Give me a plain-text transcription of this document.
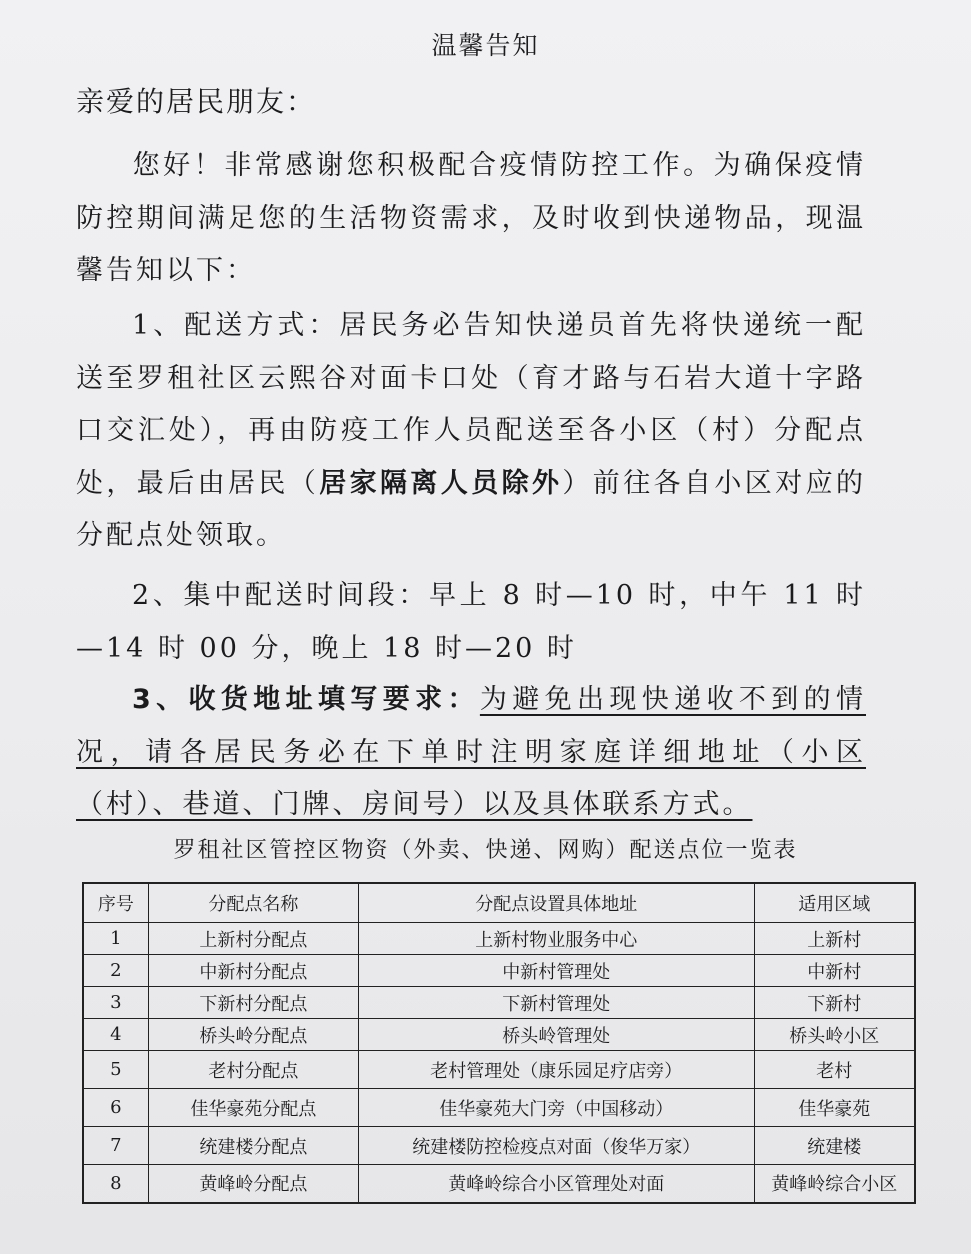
温馨告知
亲爱的居民朋友：
您好！非常感谢您积极配合疫情防控工作。为确保疫情防控期间满足您的生活物资需求，及时收到快递物品，现温馨告知以下：
1、配送方式：居民务必告知快递员首先将快递统一配送至罗租社区云熙谷对面卡口处（育才路与石岩大道十字路口交汇处），再由防疫工作人员配送至各小区（村）分配点处，最后由居民（居家隔离人员除外）前往各自小区对应的分配点处领取。
2、集中配送时间段：早上 8 时—10 时，中午 11 时—14 时 00 分，晚上 18 时—20 时
3、收货地址填写要求：为避免出现快递收不到的情况，请各居民务必在下单时注明家庭详细地址（小区（村）、巷道、门牌、房间号）以及具体联系方式。
罗租社区管控区物资（外卖、快递、网购）配送点位一览表
序号	分配点名称	分配点设置具体地址	适用区域
1	上新村分配点	上新村物业服务中心	上新村
2	中新村分配点	中新村管理处	中新村
3	下新村分配点	下新村管理处	下新村
4	桥头岭分配点	桥头岭管理处	桥头岭小区
5	老村分配点	老村管理处（康乐园足疗店旁）	老村
6	佳华豪苑分配点	佳华豪苑大门旁（中国移动）	佳华豪苑
7	统建楼分配点	统建楼防控检疫点对面（俊华万家）	统建楼
8	黄峰岭分配点	黄峰岭综合小区管理处对面	黄峰岭综合小区
